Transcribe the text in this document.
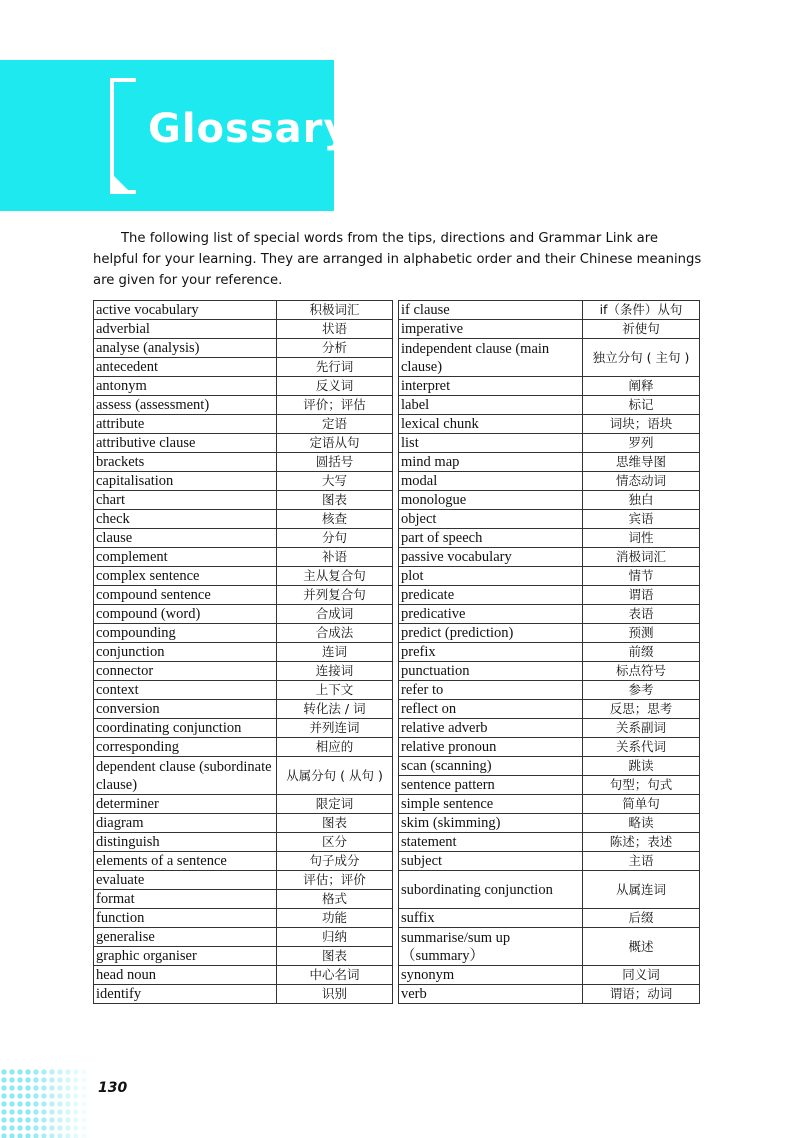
Glossary

The following list of special words from the tips, directions and Grammar Link are helpful for your learning. They are arranged in alphabetic order and their Chinese meanings are given for your reference.

active vocabulary	积极词汇
adverbial	状语
analyse (analysis)	分析
antecedent	先行词
antonym	反义词
assess (assessment)	评价；评估
attribute	定语
attributive clause	定语从句
brackets	圆括号
capitalisation	大写
chart	图表
check	核查
clause	分句
complement	补语
complex sentence	主从复合句
compound sentence	并列复合句
compound (word)	合成词
compounding	合成法
conjunction	连词
connector	连接词
context	上下文
conversion	转化法 / 词
coordinating conjunction	并列连词
corresponding	相应的
dependent clause (subordinate clause)	从属分句 ( 从句 )
determiner	限定词
diagram	图表
distinguish	区分
elements of a sentence	句子成分
evaluate	评估；评价
format	格式
function	功能
generalise	归纳
graphic organiser	图表
head noun	中心名词
identify	识别
if clause	if（条件）从句
imperative	祈使句
independent clause (main clause)	独立分句 ( 主句 )
interpret	阐释
label	标记
lexical chunk	词块；语块
list	罗列
mind map	思维导图
modal	情态动词
monologue	独白
object	宾语
part of speech	词性
passive vocabulary	消极词汇
plot	情节
predicate	谓语
predicative	表语
predict (prediction)	预测
prefix	前缀
punctuation	标点符号
refer to	参考
reflect on	反思；思考
relative adverb	关系副词
relative pronoun	关系代词
scan (scanning)	跳读
sentence pattern	句型；句式
simple sentence	简单句
skim (skimming)	略读
statement	陈述；表述
subject	主语
subordinating conjunction	从属连词
suffix	后缀
summarise/sum up （summary）	概述
synonym	同义词
verb	谓语；动词

130
